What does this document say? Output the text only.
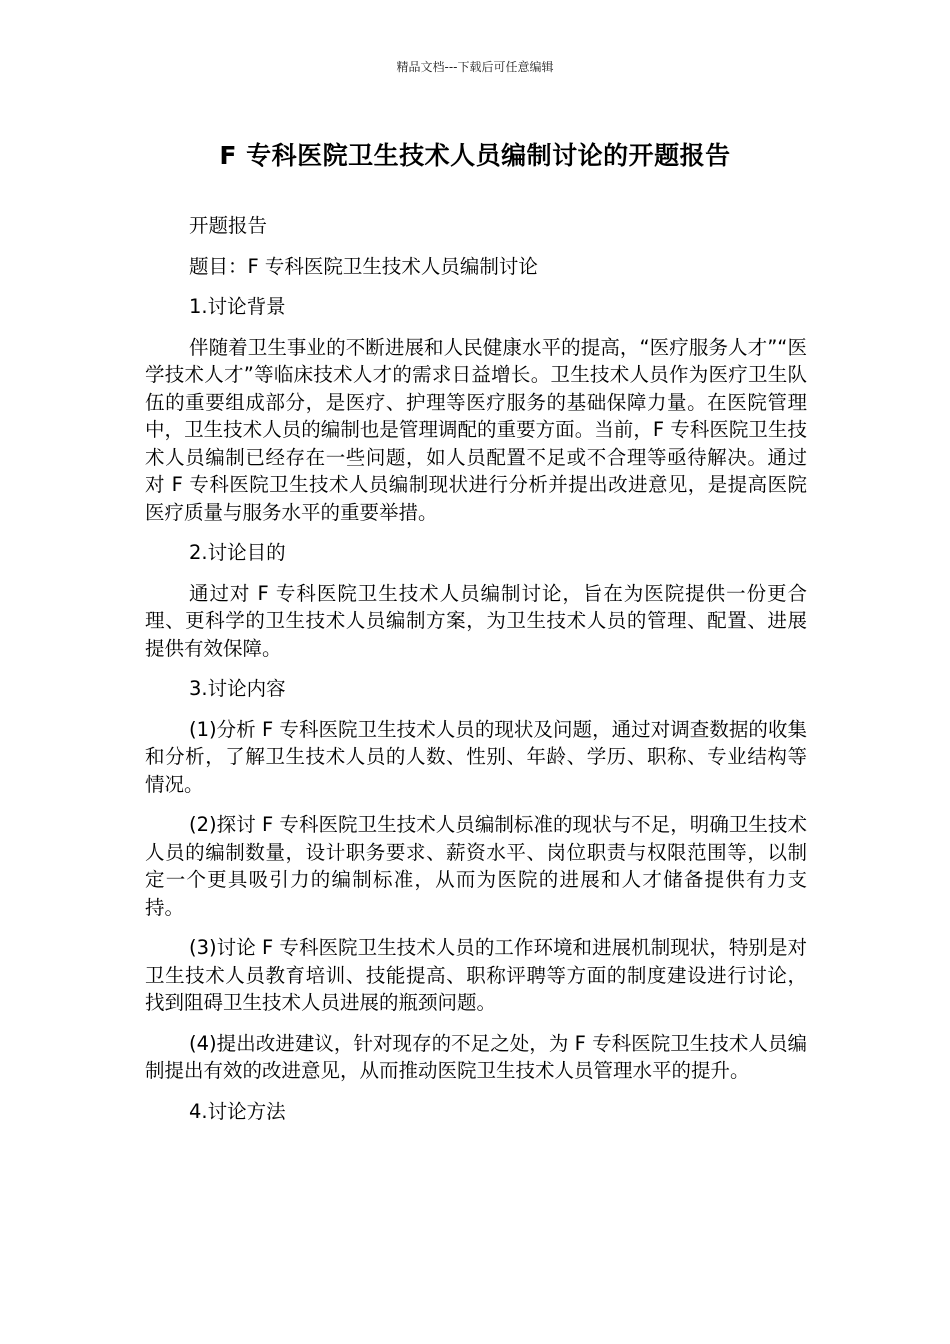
精品文档---下载后可任意编辑
F 专科医院卫生技术人员编制讨论的开题报告

开题报告

题目：F 专科医院卫生技术人员编制讨论

1.讨论背景

伴随着卫生事业的不断进展和人民健康水平的提高，“医疗服务人才”“医学技术人才”等临床技术人才的需求日益增长。卫生技术人员作为医疗卫生队伍的重要组成部分，是医疗、护理等医疗服务的基础保障力量。在医院管理中，卫生技术人员的编制也是管理调配的重要方面。当前，F 专科医院卫生技术人员编制已经存在一些问题，如人员配置不足或不合理等亟待解决。通过对 F 专科医院卫生技术人员编制现状进行分析并提出改进意见，是提高医院医疗质量与服务水平的重要举措。

2.讨论目的

通过对 F 专科医院卫生技术人员编制讨论，旨在为医院提供一份更合理、更科学的卫生技术人员编制方案，为卫生技术人员的管理、配置、进展提供有效保障。

3.讨论内容

(1)分析 F 专科医院卫生技术人员的现状及问题，通过对调查数据的收集和分析，了解卫生技术人员的人数、性别、年龄、学历、职称、专业结构等情况。

(2)探讨 F 专科医院卫生技术人员编制标准的现状与不足，明确卫生技术人员的编制数量，设计职务要求、薪资水平、岗位职责与权限范围等，以制定一个更具吸引力的编制标准，从而为医院的进展和人才储备提供有力支持。

(3)讨论 F 专科医院卫生技术人员的工作环境和进展机制现状，特别是对卫生技术人员教育培训、技能提高、职称评聘等方面的制度建设进行讨论，找到阻碍卫生技术人员进展的瓶颈问题。

(4)提出改进建议，针对现存的不足之处，为 F 专科医院卫生技术人员编制提出有效的改进意见，从而推动医院卫生技术人员管理水平的提升。

4.讨论方法
